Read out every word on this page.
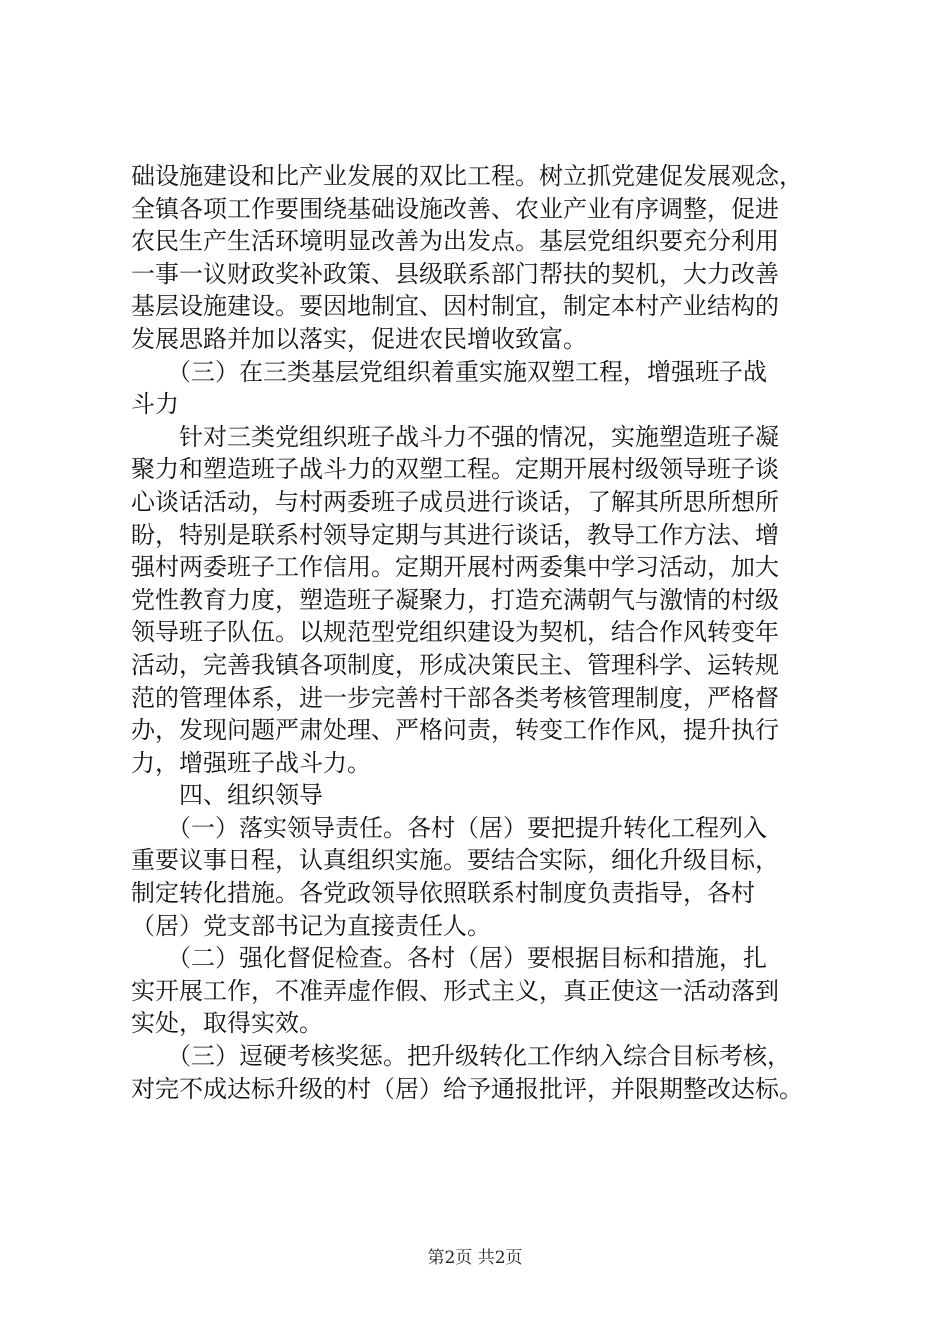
础设施建设和比产业发展的双比工程。树立抓党建促发展观念，
全镇各项工作要围绕基础设施改善、农业产业有序调整，促进
农民生产生活环境明显改善为出发点。基层党组织要充分利用
一事一议财政奖补政策、县级联系部门帮扶的契机，大力改善
基层设施建设。要因地制宜、因村制宜，制定本村产业结构的
发展思路并加以落实，促进农民增收致富。
　　（三）在三类基层党组织着重实施双塑工程，增强班子战
斗力
　　针对三类党组织班子战斗力不强的情况，实施塑造班子凝
聚力和塑造班子战斗力的双塑工程。定期开展村级领导班子谈
心谈话活动，与村两委班子成员进行谈话，了解其所思所想所
盼，特别是联系村领导定期与其进行谈话，教导工作方法、增
强村两委班子工作信用。定期开展村两委集中学习活动，加大
党性教育力度，塑造班子凝聚力，打造充满朝气与激情的村级
领导班子队伍。以规范型党组织建设为契机，结合作风转变年
活动，完善我镇各项制度，形成决策民主、管理科学、运转规
范的管理体系，进一步完善村干部各类考核管理制度，严格督
办，发现问题严肃处理、严格问责，转变工作作风，提升执行
力，增强班子战斗力。
　　四、组织领导
　　（一）落实领导责任。各村（居）要把提升转化工程列入
重要议事日程，认真组织实施。要结合实际，细化升级目标，
制定转化措施。各党政领导依照联系村制度负责指导，各村
（居）党支部书记为直接责任人。
　　（二）强化督促检查。各村（居）要根据目标和措施，扎
实开展工作，不准弄虚作假、形式主义，真正使这一活动落到
实处，取得实效。
　　（三）逗硬考核奖惩。把升级转化工作纳入综合目标考核，
对完不成达标升级的村（居）给予通报批评，并限期整改达标。
第2页 共2页
